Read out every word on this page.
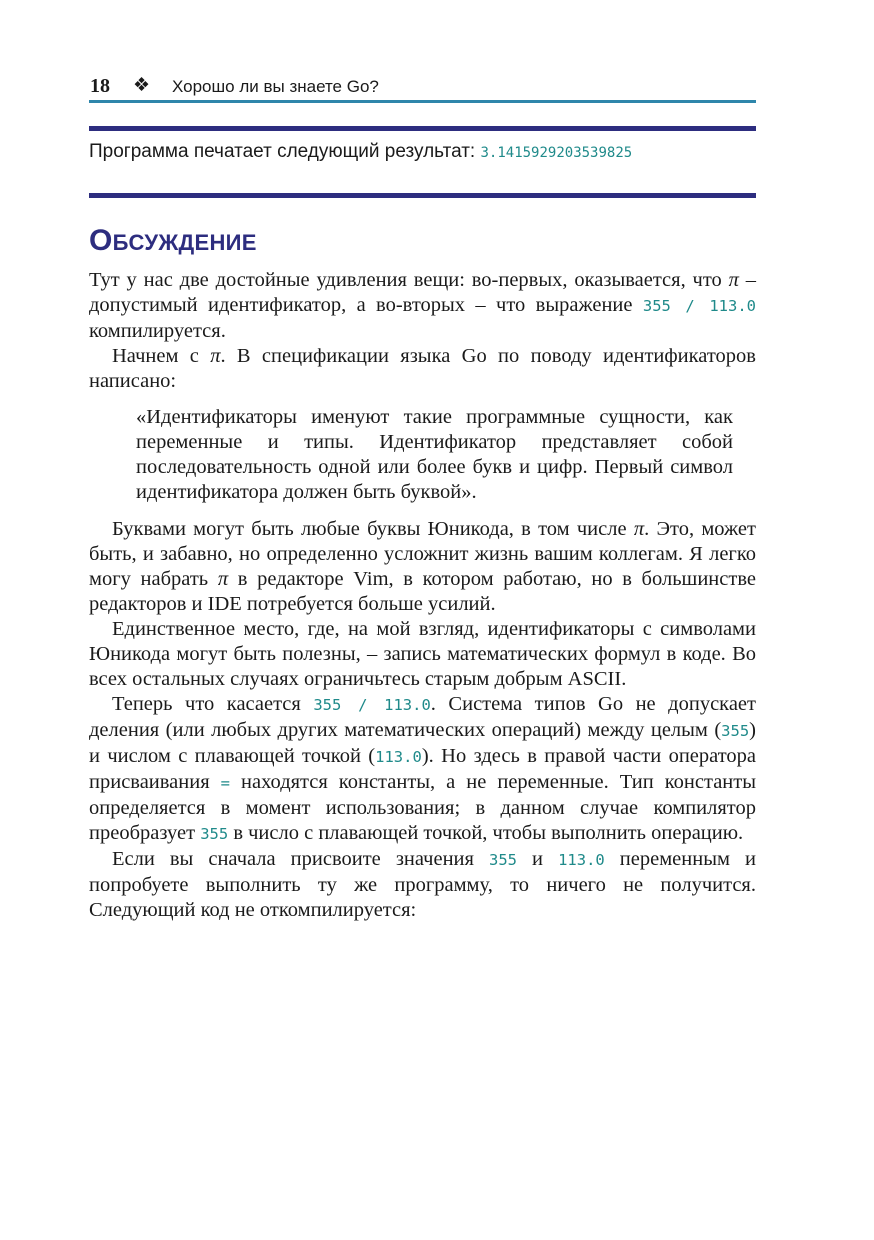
18 ❖ Хорошо ли вы знаете Go?
Программа печатает следующий результат: 3.1415929203539825
ОБСУЖДЕНИЕ

Тут у нас две достойные удивления вещи: во-первых, оказывается, что π – допустимый идентификатор, а во-вторых – что выражение 355 / 113.0 компилируется.

Начнем с π. В спецификации языка Go по поводу идентификаторов написано:

«Идентификаторы именуют такие программные сущности, как переменные и типы. Идентификатор представляет собой последовательность одной или более букв и цифр. Первый символ идентификатора должен быть буквой».

Буквами могут быть любые буквы Юникода, в том числе π. Это, может быть, и забавно, но определенно усложнит жизнь вашим коллегам. Я легко могу набрать π в редакторе Vim, в котором работаю, но в большинстве редакторов и IDE потребуется больше усилий.

Единственное место, где, на мой взгляд, идентификаторы с символами Юникода могут быть полезны, – запись математических формул в коде. Во всех остальных случаях ограничьтесь старым добрым ASCII.

Теперь что касается 355 / 113.0. Система типов Go не допускает деления (или любых других математических операций) между целым (355) и числом с плавающей точкой (113.0). Но здесь в правой части оператора присваивания = находятся константы, а не переменные. Тип константы определяется в момент использования; в данном случае компилятор преобразует 355 в число с плавающей точкой, чтобы выполнить операцию.

Если вы сначала присвоите значения 355 и 113.0 переменным и попробуете выполнить ту же программу, то ничего не получится. Следующий код не откомпилируется:
